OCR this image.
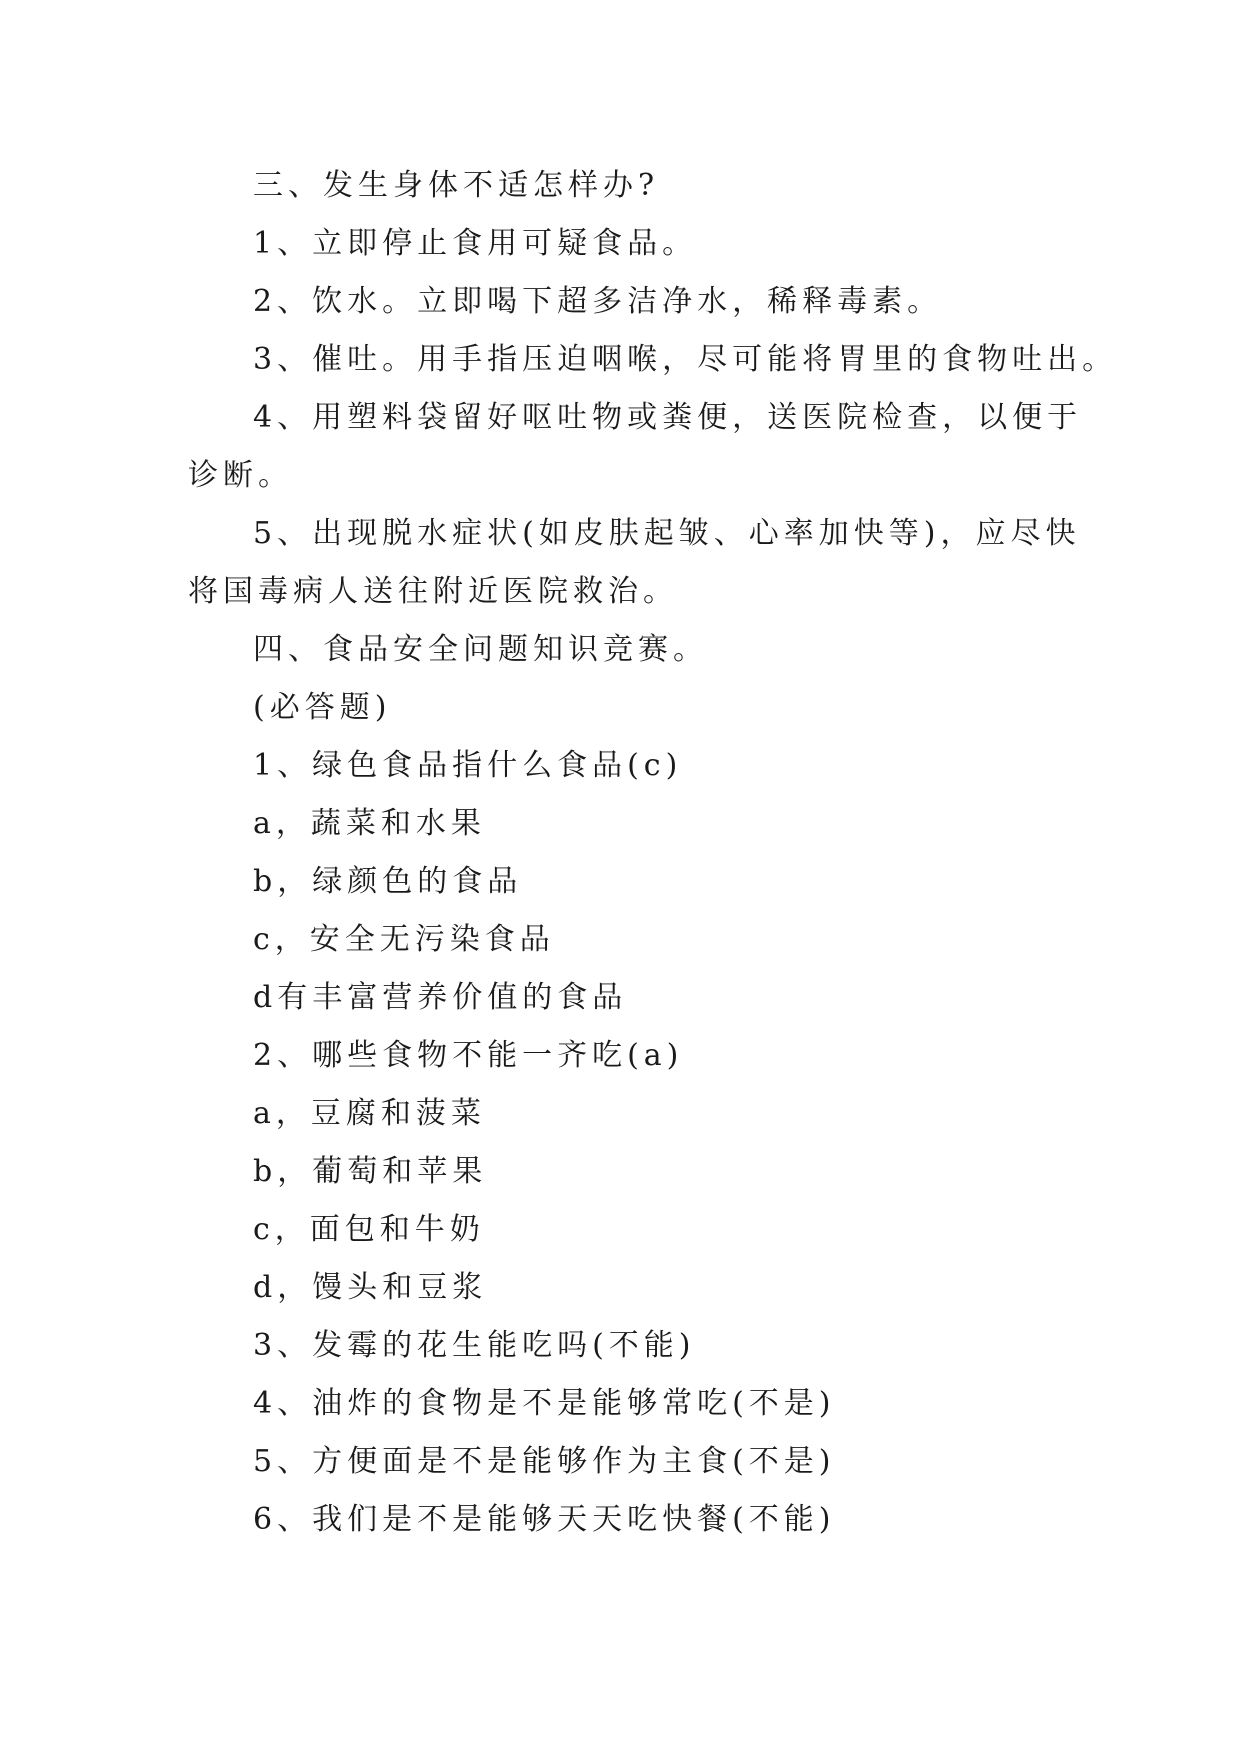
三、发生身体不适怎样办?

1、立即停止食用可疑食品。

2、饮水。立即喝下超多洁净水，稀释毒素。

3、催吐。用手指压迫咽喉，尽可能将胃里的食物吐出。

4、用塑料袋留好呕吐物或粪便，送医院检查，以便于

诊断。

5、出现脱水症状(如皮肤起皱、心率加快等)，应尽快

将国毒病人送往附近医院救治。

四、食品安全问题知识竞赛。

(必答题)

1、绿色食品指什么食品(c)

a，蔬菜和水果

b，绿颜色的食品

c，安全无污染食品

d有丰富营养价值的食品

2、哪些食物不能一齐吃(a)

a，豆腐和菠菜

b，葡萄和苹果

c，面包和牛奶

d，馒头和豆浆

3、发霉的花生能吃吗(不能)

4、油炸的食物是不是能够常吃(不是)

5、方便面是不是能够作为主食(不是)

6、我们是不是能够天天吃快餐(不能)
